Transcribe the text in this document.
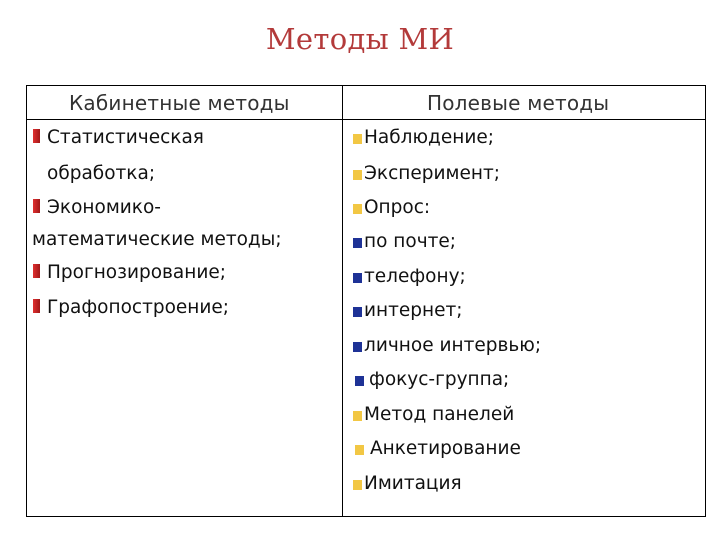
Методы МИ
Кабинетные методы	Полевые методы
Статистическая
обработка;
Экономико-
математические методы;
Прогнозирование;
Графопостроение;
Наблюдение;
Эксперимент;
Опрос:
по почте;
телефону;
интернет;
личное интервью;
фокус-группа;
Метод панелей
Анкетирование
Имитация
